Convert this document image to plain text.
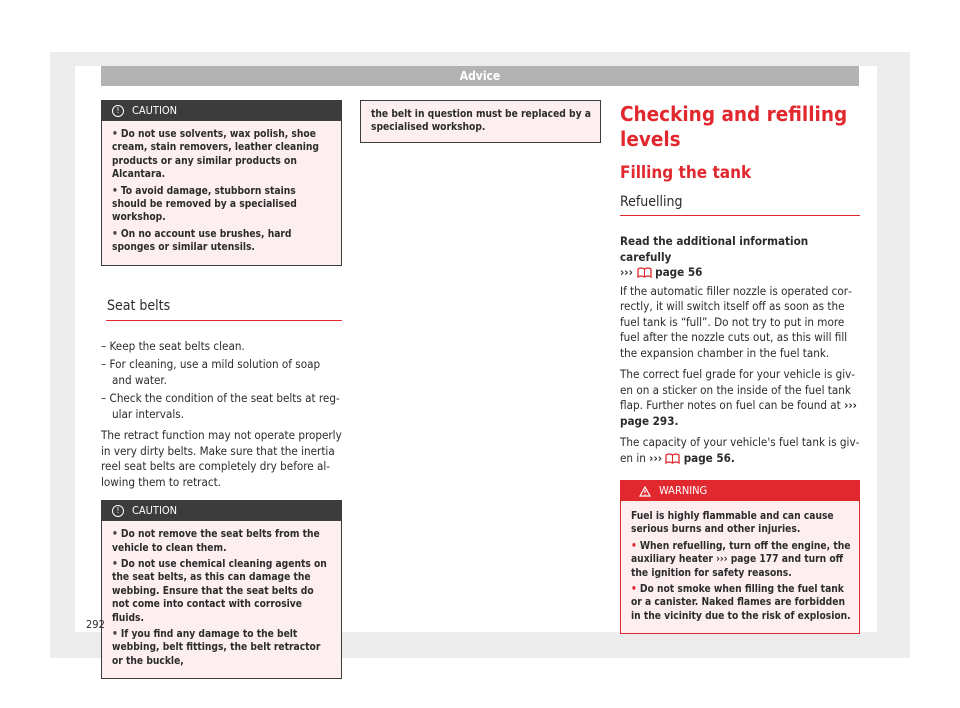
Advice
!	CAUTION

• Do not use solvents, wax polish, shoe cream, stain removers, leather cleaning products or any similar products on Alcantara.

• To avoid damage, stubborn stains should be removed by a specialised workshop.

• On no account use brushes, hard sponges or similar utensils.

Seat belts
– Keep the seat belts clean.
– For cleaning, use a mild solution of soap and water.
– Check the condition of the seat belts at regular intervals.

The retract function may not operate properly in very dirty belts. Make sure that the inertia reel seat belts are completely dry before allowing them to retract.

!	CAUTION

• Do not remove the seat belts from the vehicle to clean them.

• Do not use chemical cleaning agents on the seat belts, as this can damage the webbing. Ensure that the seat belts do not come into contact with corrosive fluids.

• If you find any damage to the belt webbing, belt fittings, the belt retractor or the buckle,

the belt in question must be replaced by a specialised workshop.
Checking and refilling levels
Filling the tank
Refuelling
Read the additional information carefully
››› page 56

If the automatic filler nozzle is operated correctly, it will switch itself off as soon as the fuel tank is “full”. Do not try to put in more fuel after the nozzle cuts out, as this will fill the expansion chamber in the fuel tank.

The correct fuel grade for your vehicle is given on a sticker on the inside of the fuel tank flap. Further notes on fuel can be found at ››› page 293.

The capacity of your vehicle's fuel tank is given in ››› page 56.

WARNING

Fuel is highly flammable and can cause serious burns and other injuries.

• When refuelling, turn off the engine, the auxiliary heater ››› page 177 and turn off the ignition for safety reasons.

• Do not smoke when filling the fuel tank or a canister. Naked flames are forbidden in the vicinity due to the risk of explosion.

292
